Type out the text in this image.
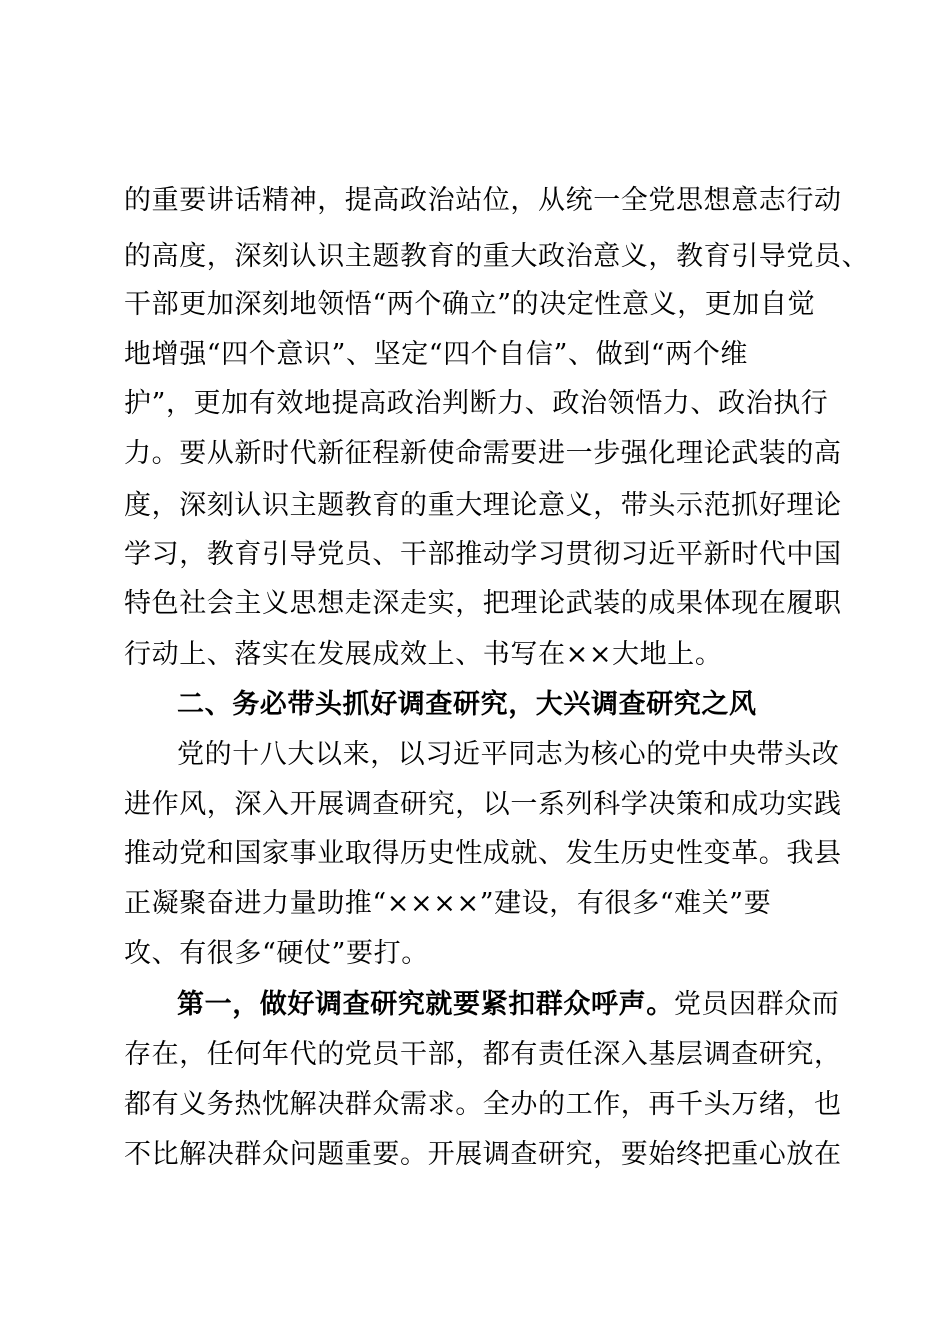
的重要讲话精神，提高政治站位，从统一全党思想意志行动
的高度，深刻认识主题教育的重大政治意义，教育引导党员、
干部更加深刻地领悟“两个确立”的决定性意义，更加自觉
地增强“四个意识”、坚定“四个自信”、做到“两个维
护”，更加有效地提高政治判断力、政治领悟力、政治执行
力。要从新时代新征程新使命需要进一步强化理论武装的高
度，深刻认识主题教育的重大理论意义，带头示范抓好理论
学习，教育引导党员、干部推动学习贯彻习近平新时代中国
特色社会主义思想走深走实，把理论武装的成果体现在履职
行动上、落实在发展成效上、书写在××大地上。
二、务必带头抓好调查研究，大兴调查研究之风
党的十八大以来，以习近平同志为核心的党中央带头改
进作风，深入开展调查研究，以一系列科学决策和成功实践
推动党和国家事业取得历史性成就、发生历史性变革。我县
正凝聚奋进力量助推“××××”建设，有很多“难关”要
攻、有很多“硬仗”要打。
第一，做好调查研究就要紧扣群众呼声。党员因群众而
存在，任何年代的党员干部，都有责任深入基层调查研究，
都有义务热忱解决群众需求。全办的工作，再千头万绪，也
不比解决群众问题重要。开展调查研究，要始终把重心放在
